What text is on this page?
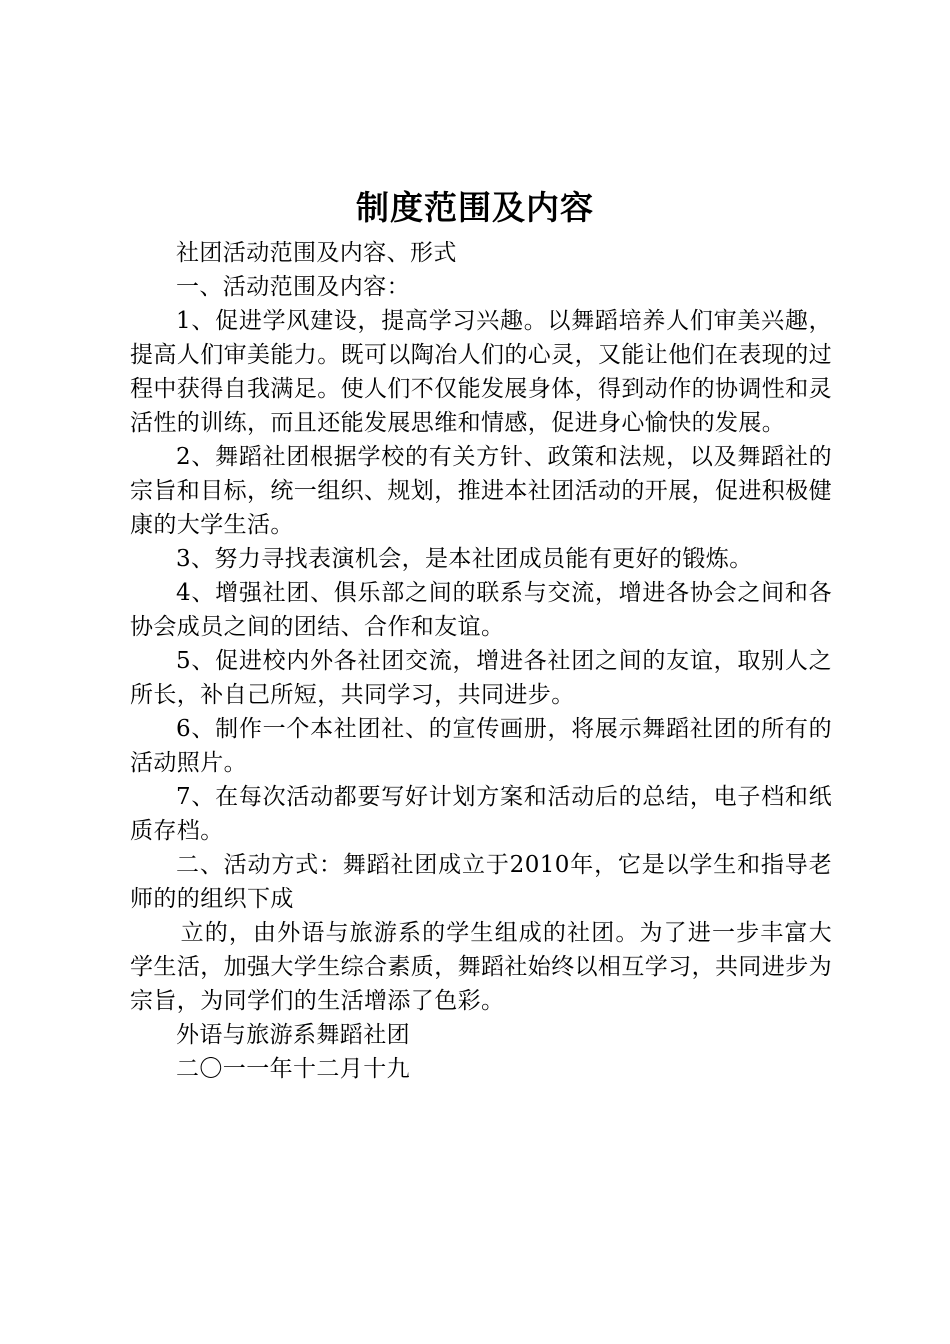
制度范围及内容

社团活动范围及内容、形式

一、活动范围及内容：

1、促进学风建设，提高学习兴趣。以舞蹈培养人们审美兴趣，提高人们审美能力。既可以陶冶人们的心灵，又能让他们在表现的过程中获得自我满足。使人们不仅能发展身体，得到动作的协调性和灵活性的训练，而且还能发展思维和情感，促进身心愉快的发展。

2、舞蹈社团根据学校的有关方针、政策和法规，以及舞蹈社的宗旨和目标，统一组织、规划，推进本社团活动的开展，促进积极健康的大学生活。

3、努力寻找表演机会，是本社团成员能有更好的锻炼。

4、增强社团、俱乐部之间的联系与交流，增进各协会之间和各协会成员之间的团结、合作和友谊。

5、促进校内外各社团交流，增进各社团之间的友谊，取别人之所长，补自己所短，共同学习，共同进步。

6、制作一个本社团社、的宣传画册，将展示舞蹈社团的所有的活动照片。

7、在每次活动都要写好计划方案和活动后的总结，电子档和纸质存档。

二、活动方式：舞蹈社团成立于2010年，它是以学生和指导老师的的组织下成

立的，由外语与旅游系的学生组成的社团。为了进一步丰富大学生活，加强大学生综合素质，舞蹈社始终以相互学习，共同进步为宗旨，为同学们的生活增添了色彩。

外语与旅游系舞蹈社团

二〇一一年十二月十九
